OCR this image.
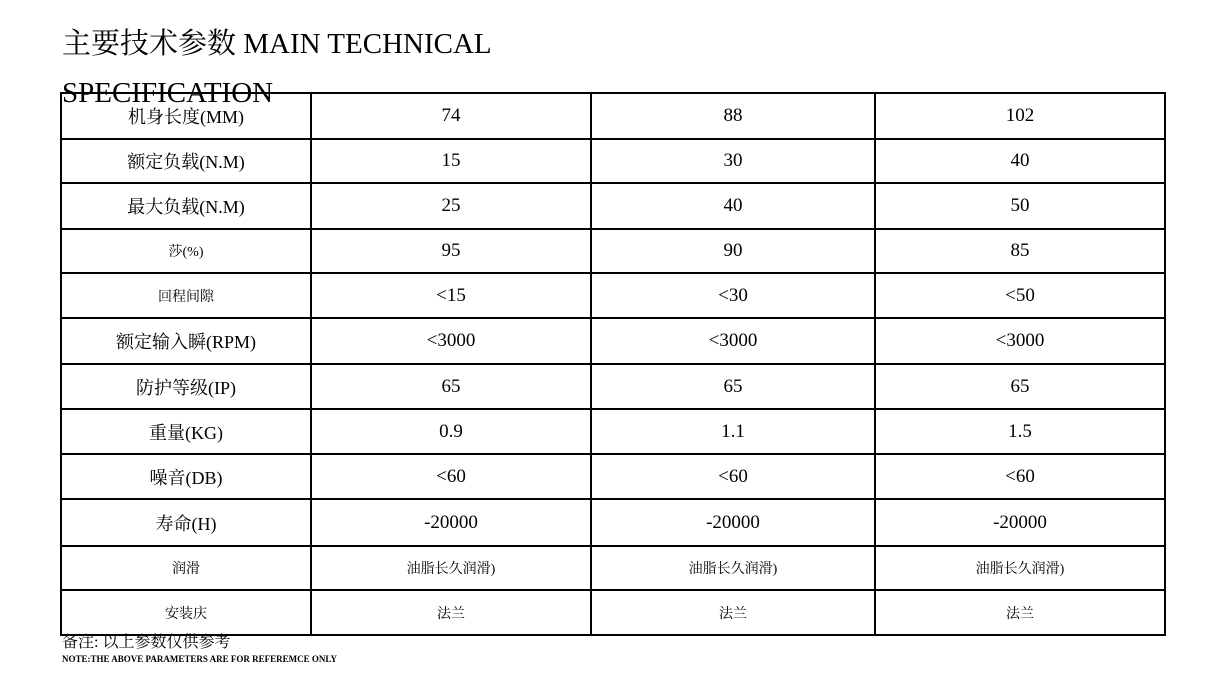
主要技术参数 MAIN TECHNICAL
SPECIFICATION
机身长度(MM)	74	88	102
额定负载(N.M)	15	30	40
最大负载(N.M)	25	40	50
莎(%)	95	90	85
回程间隙	<15	<30	<50
额定输入瞬(RPM)	<3000	<3000	<3000
防护等级(IP)	65	65	65
重量(KG)	0.9	1.1	1.5
噪音(DB)	<60	<60	<60
寿命(H)	-20000	-20000	-20000
润滑	油脂长久润滑)	油脂长久润滑)	油脂长久润滑)
安装庆	法兰	法兰	法兰
备注: 以上参数仅供参考
NOTE:THE ABOVE PARAMETERS ARE FOR REFEREMCE ONLY
